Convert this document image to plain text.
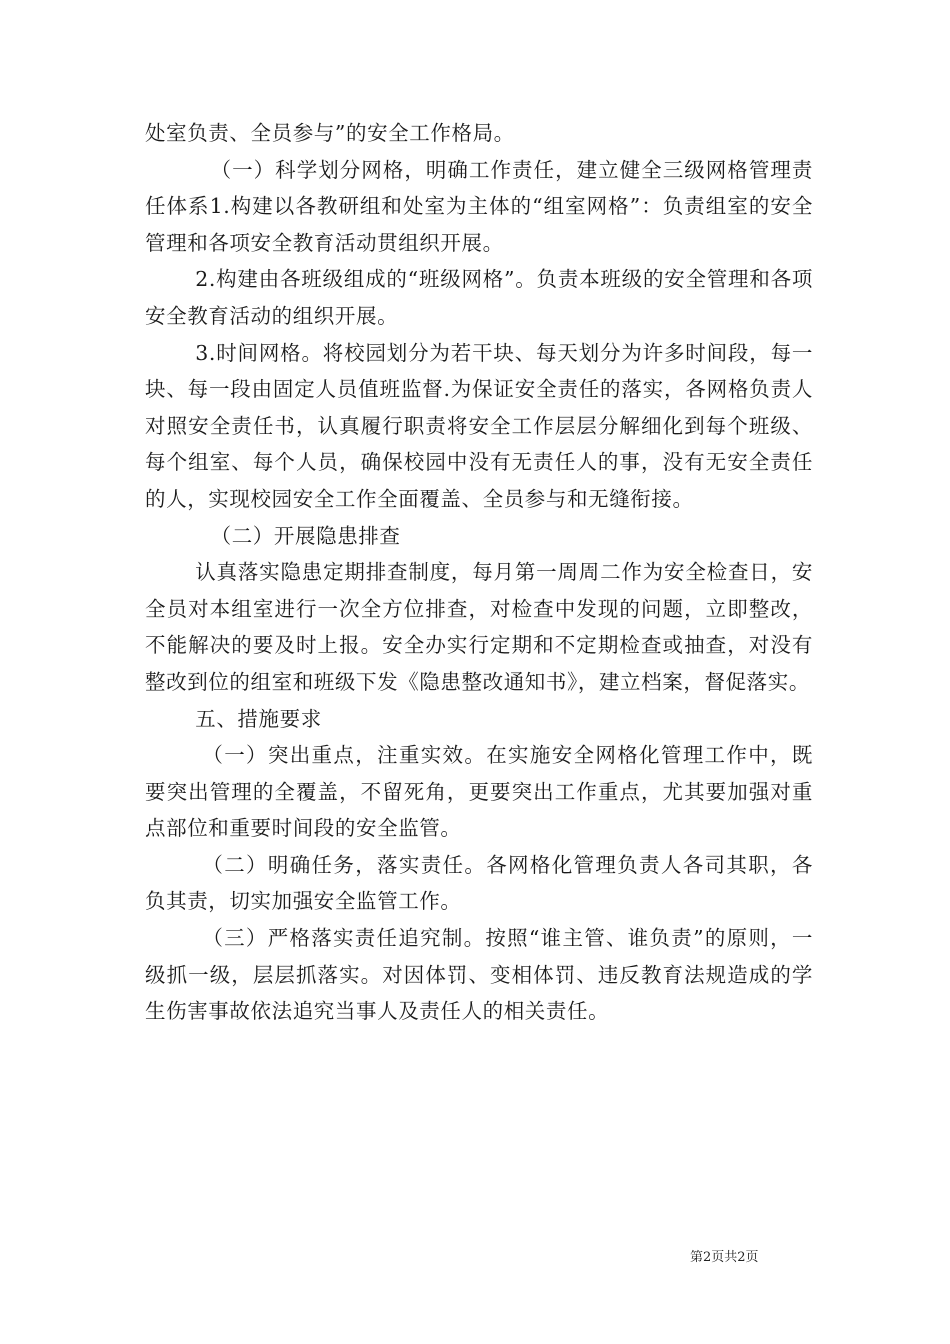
处室负责、全员参与”的安全工作格局。

（一）科学划分网格，明确工作责任，建立健全三级网格管理责任体系1.构建以各教研组和处室为主体的“组室网格”：负责组室的安全管理和各项安全教育活动贯组织开展。

2.构建由各班级组成的“班级网格”。负责本班级的安全管理和各项安全教育活动的组织开展。

3.时间网格。将校园划分为若干块、每天划分为许多时间段，每一块、每一段由固定人员值班监督.为保证安全责任的落实，各网格负责人对照安全责任书，认真履行职责将安全工作层层分解细化到每个班级、每个组室、每个人员，确保校园中没有无责任人的事，没有无安全责任的人，实现校园安全工作全面覆盖、全员参与和无缝衔接。

（二）开展隐患排查

认真落实隐患定期排查制度，每月第一周周二作为安全检查日，安全员对本组室进行一次全方位排查，对检查中发现的问题，立即整改，不能解决的要及时上报。安全办实行定期和不定期检查或抽查，对没有整改到位的组室和班级下发《隐患整改通知书》，建立档案，督促落实。

五、措施要求

（一）突出重点，注重实效。在实施安全网格化管理工作中，既要突出管理的全覆盖，不留死角，更要突出工作重点，尤其要加强对重点部位和重要时间段的安全监管。

（二）明确任务，落实责任。各网格化管理负责人各司其职，各负其责，切实加强安全监管工作。

（三）严格落实责任追究制。按照“谁主管、谁负责”的原则，一级抓一级，层层抓落实。对因体罚、变相体罚、违反教育法规造成的学生伤害事故依法追究当事人及责任人的相关责任。

第2页共2页
